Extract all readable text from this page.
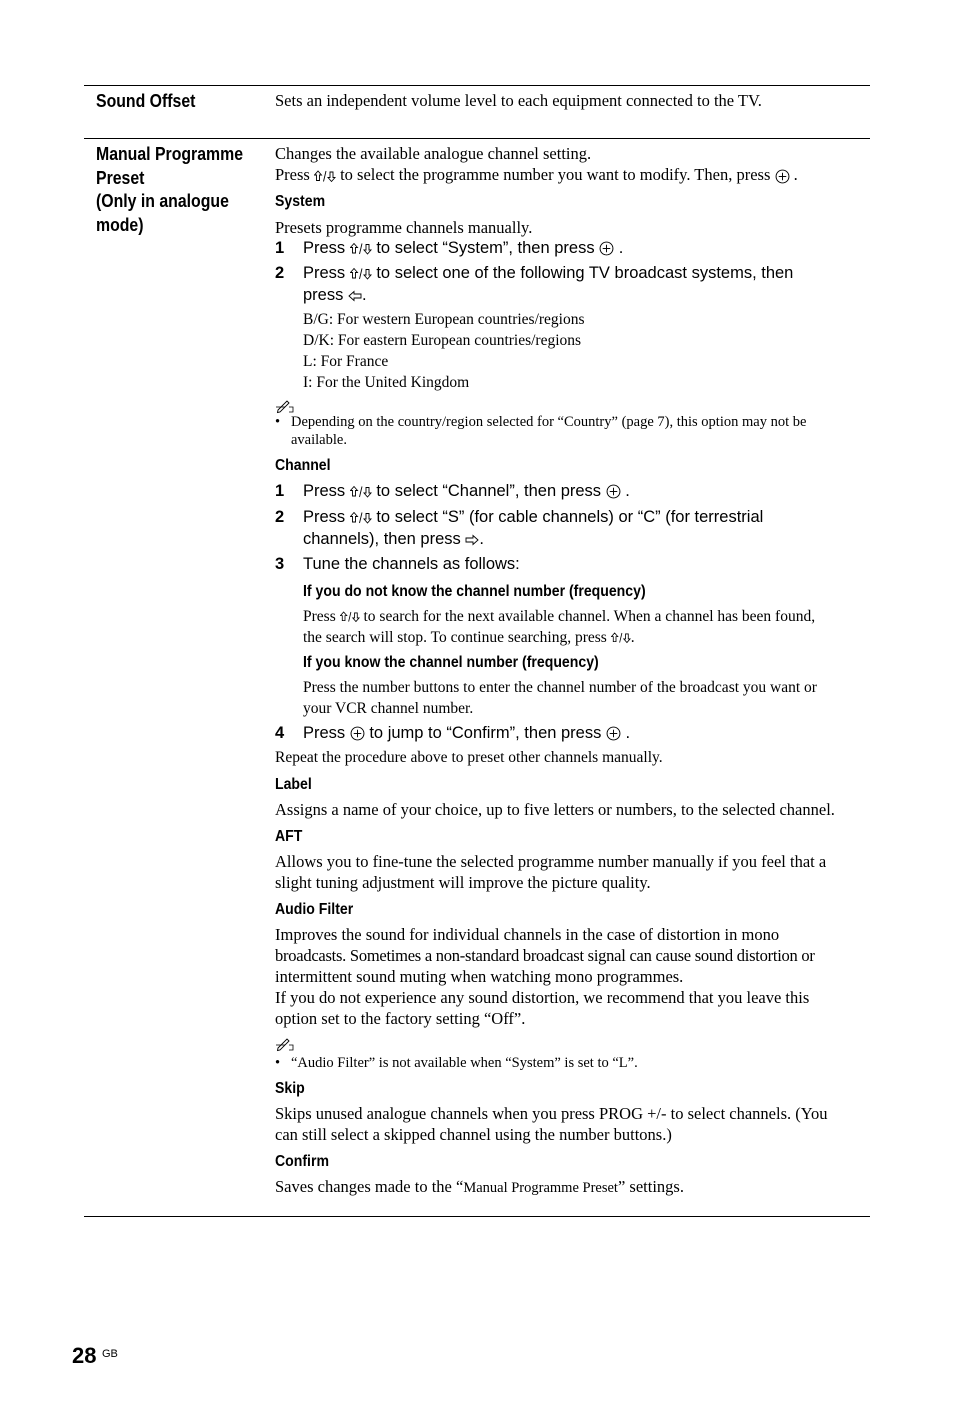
Sound Offset	Sets an independent volume level to each equipment connected to the TV.

Manual Programme
Preset
(Only in analogue
mode)

Changes the available analogue channel setting.

Press  to select the programme number you want to modify. Then, press  .

System

Presets programme channels manually.

1 Press  to select “System”, then press  .

2 Press  to select one of the following TV broadcast systems, then

press .

B/G: For western European countries/regions

D/K: For eastern European countries/regions

L: For France

I: For the United Kingdom

• Depending on the country/region selected for “Country” (page 7), this option may not be

available.

Channel

1 Press  to select “Channel”, then press  .

2 Press  to select “S” (for cable channels) or “C” (for terrestrial

channels), then press .

3 Tune the channels as follows:

If you do not know the channel number (frequency)

Press  to search for the next available channel. When a channel has been found,

the search will stop. To continue searching, press .

If you know the channel number (frequency)

Press the number buttons to enter the channel number of the broadcast you want or

your VCR channel number.

4 Press  to jump to “Confirm”, then press  .

Repeat the procedure above to preset other channels manually.

Label

Assigns a name of your choice, up to five letters or numbers, to the selected channel.

AFT

Allows you to fine-tune the selected programme number manually if you feel that a

slight tuning adjustment will improve the picture quality.

Audio Filter

Improves the sound for individual channels in the case of distortion in mono

broadcasts. Sometimes a non-standard broadcast signal can cause sound distortion or

intermittent sound muting when watching mono programmes.

If you do not experience any sound distortion, we recommend that you leave this

option set to the factory setting “Off”.

• “Audio Filter” is not available when “System” is set to “L”.

Skip

Skips unused analogue channels when you press PROG +/- to select channels. (You

can still select a skipped channel using the number buttons.)

Confirm

Saves changes made to the “Manual Programme Preset” settings.

28 GB
